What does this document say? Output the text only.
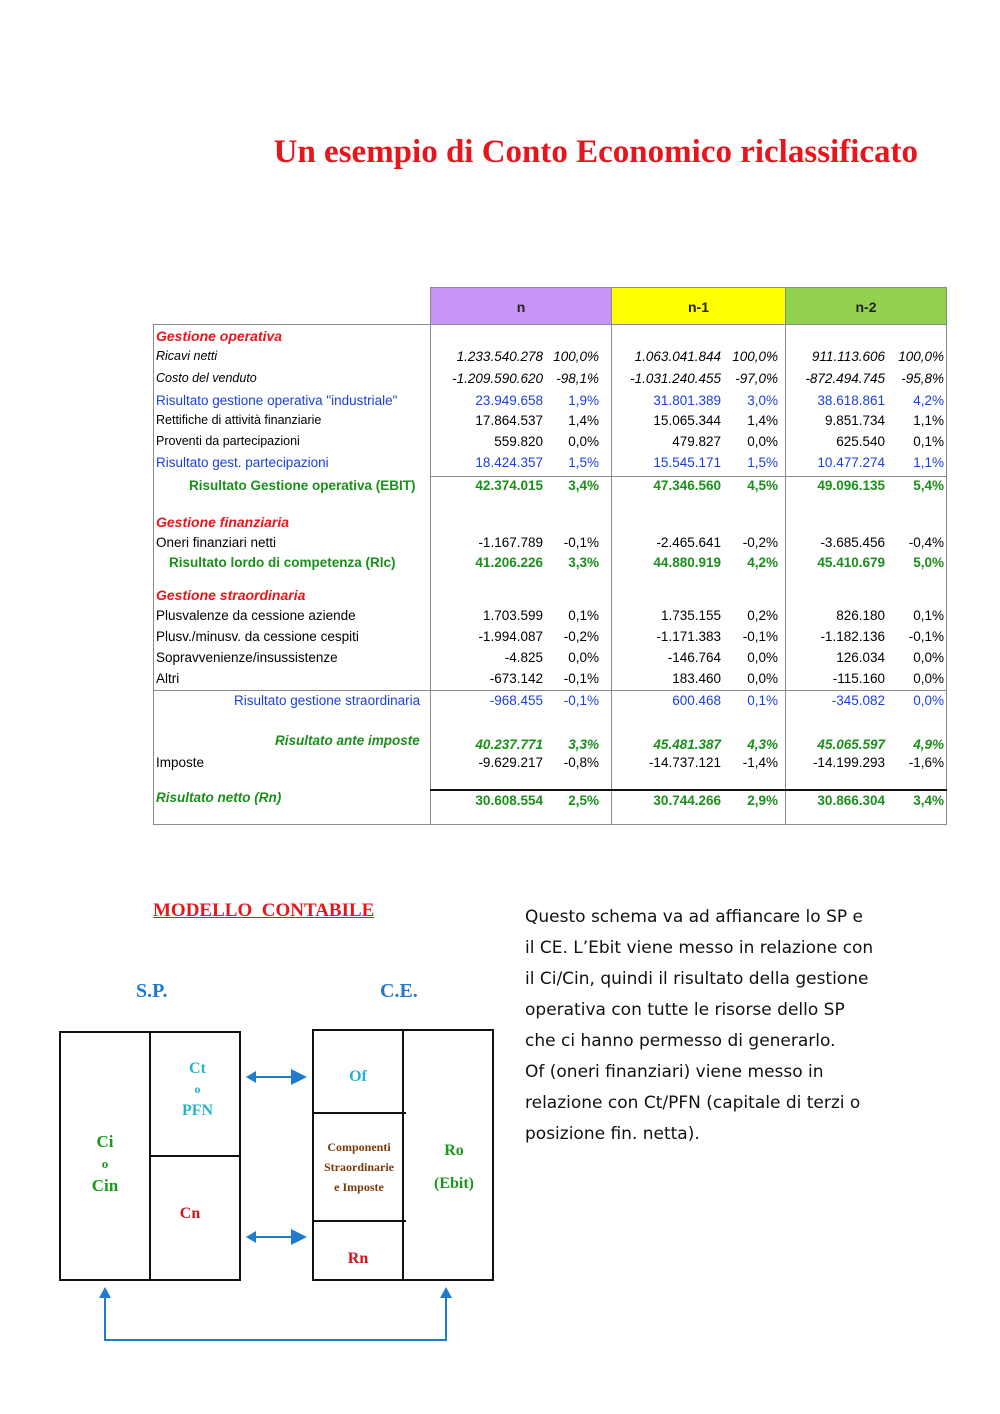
Un esempio di Conto Economico riclassificato
n	n-1	n-2
Gestione operativa
Ricavi netti	1.233.540.278 100,0%	1.063.041.844 100,0%	911.113.606 100,0%
Costo del venduto	-1.209.590.620 -98,1%	-1.031.240.455	-97,0%	-872.494.745	-95,8%
Risultato gestione operativa "industriale"	23.949.658	1,9%	31.801.389	3,0%	38.618.861	4,2%
Rettifiche di attività finanziarie	17.864.537	1,4%	15.065.344	1,4%	9.851.734	1,1%
Proventi da partecipazioni	559.820	0,0%	479.827	0,0%	625.540	0,1%
Risultato gest. partecipazioni	18.424.357	1,5%	15.545.171	1,5%	10.477.274	1,1%
Risultato Gestione operativa (EBIT)	42.374.015	3,4%	47.346.560	4,5%	49.096.135	5,4%
Gestione finanziaria
Oneri finanziari netti	-1.167.789	-0,1%	-2.465.641	-0,2%	-3.685.456	-0,4%
Risultato lordo di competenza (Rlc)	41.206.226	3,3%	44.880.919	4,2%	45.410.679	5,0%
Gestione straordinaria
Plusvalenze da cessione aziende	1.703.599	0,1%	1.735.155	0,2%	826.180	0,1%
Plusv./minusv. da cessione cespiti	-1.994.087	-0,2%	-1.171.383	-0,1%	-1.182.136	-0,1%
Sopravvenienze/insussistenze	-4.825	0,0%	-146.764	0,0%	126.034	0,0%
Altri	-673.142	-0,1%	183.460	0,0%	-115.160	0,0%
Risultato gestione straordinaria	-968.455	-0,1%	600.468	0,1%	-345.082	0,0%
Risultato ante imposte	40.237.771	3,3%	45.481.387	4,3%	45.065.597	4,9%
Imposte	-9.629.217	-0,8%	-14.737.121	-1,4%	-14.199.293	-1,6%
Risultato netto (Rn)	30.608.554	2,5%	30.744.266	2,9%	30.866.304	3,4%
MODELLO  CONTABILE
S.P.	C.E.
Ci
o
Cin
Ct
o
PFN
Cn
Of
Componenti
Straordinarie
e Imposte
Rn
Ro
(Ebit)

Questo schema va ad affiancare lo SP e

il CE. L’Ebit viene messo in relazione con

il Ci/Cin, quindi il risultato della gestione

operativa con tutte le risorse dello SP

che ci hanno permesso di generarlo.

Of (oneri finanziari) viene messo in

relazione con Ct/PFN (capitale di terzi o

posizione fin. netta).
